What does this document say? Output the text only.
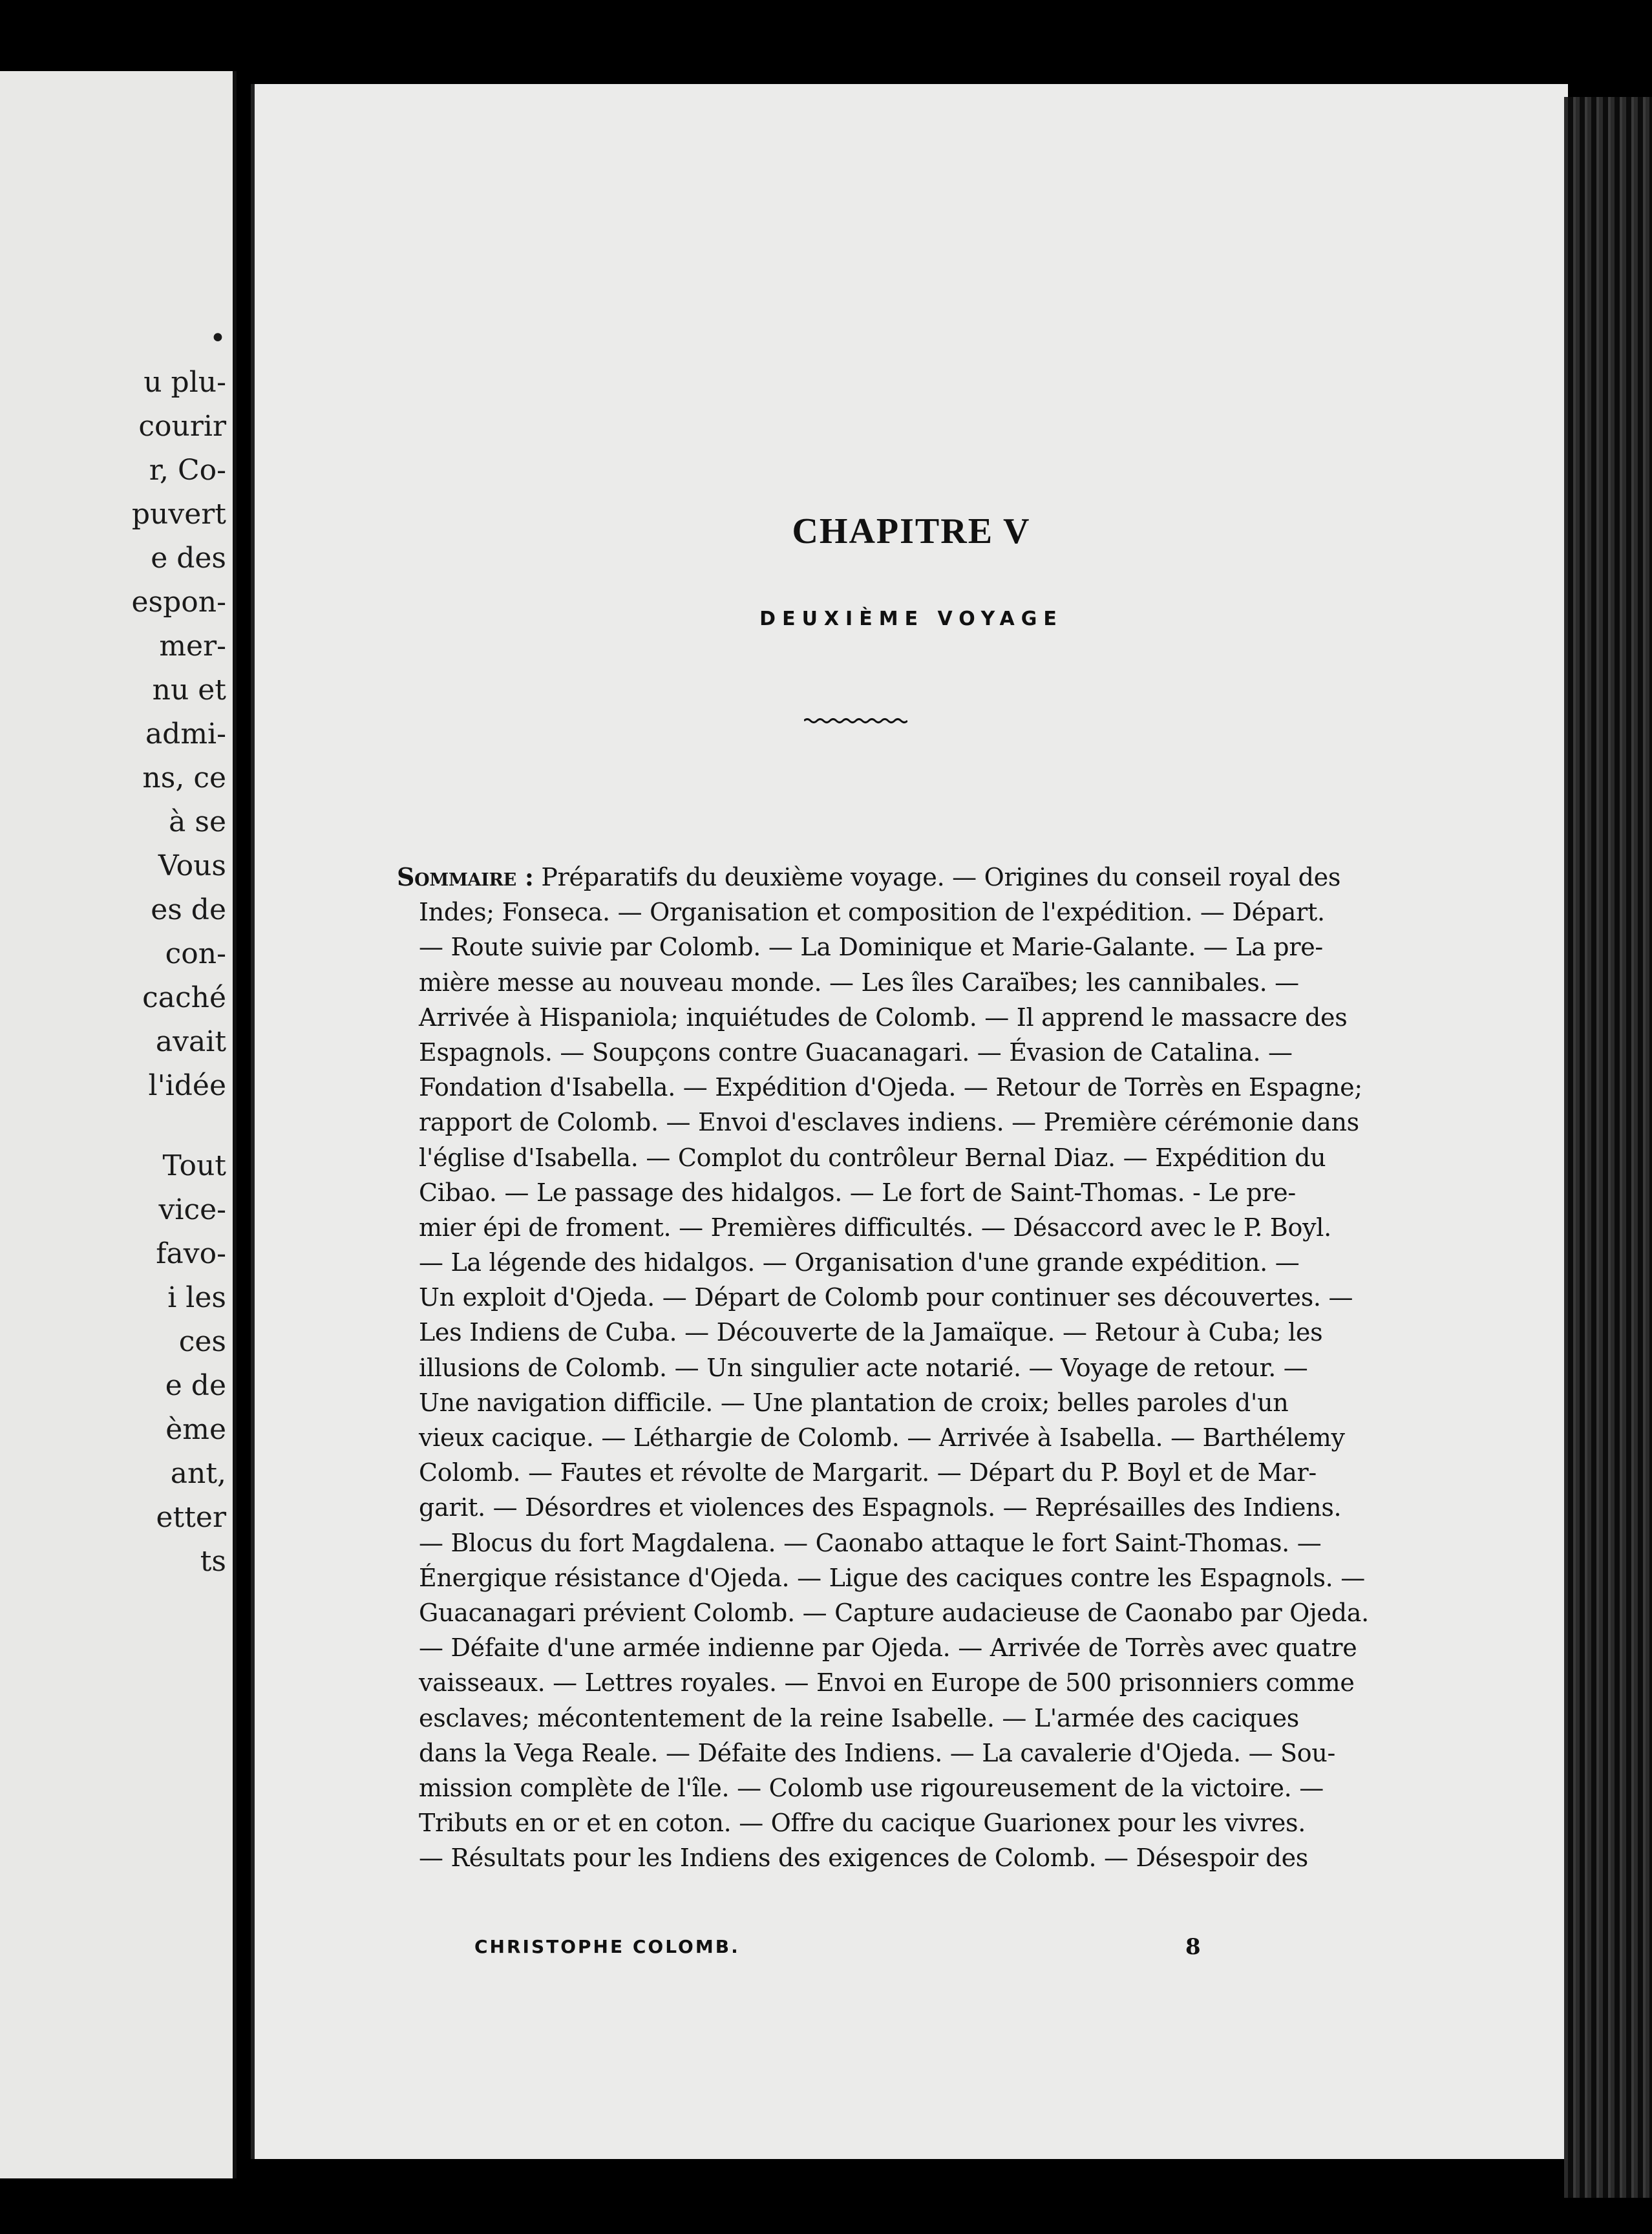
•
u plu-
courir
r, Co-
puvert
e des
espon-
mer-
nu et
admi-
ns, ce
à se
Vous
es de
con-
caché
avait
l'idée
Tout
vice-
favo-
i les
ces
e de
ème
ant,
etter
ts
CHAPITRE V
DEUXIÈME VOYAGE
Sommaire : Préparatifs du deuxième voyage. — Origines du conseil royal des
Indes; Fonseca. — Organisation et composition de l'expédition. — Départ.
— Route suivie par Colomb. — La Dominique et Marie-Galante. — La pre-
mière messe au nouveau monde. — Les îles Caraïbes; les cannibales. —
Arrivée à Hispaniola; inquiétudes de Colomb. — Il apprend le massacre des
Espagnols. — Soupçons contre Guacanagari. — Évasion de Catalina. —
Fondation d'Isabella. — Expédition d'Ojeda. — Retour de Torrès en Espagne;
rapport de Colomb. — Envoi d'esclaves indiens. — Première cérémonie dans
l'église d'Isabella. — Complot du contrôleur Bernal Diaz. — Expédition du
Cibao. — Le passage des hidalgos. — Le fort de Saint-Thomas. - Le pre-
mier épi de froment. — Premières difficultés. — Désaccord avec le P. Boyl.
— La légende des hidalgos. — Organisation d'une grande expédition. —
Un exploit d'Ojeda. — Départ de Colomb pour continuer ses découvertes. —
Les Indiens de Cuba. — Découverte de la Jamaïque. — Retour à Cuba; les
illusions de Colomb. — Un singulier acte notarié. — Voyage de retour. —
Une navigation difficile. — Une plantation de croix; belles paroles d'un
vieux cacique. — Léthargie de Colomb. — Arrivée à Isabella. — Barthélemy
Colomb. — Fautes et révolte de Margarit. — Départ du P. Boyl et de Mar-
garit. — Désordres et violences des Espagnols. — Représailles des Indiens.
— Blocus du fort Magdalena. — Caonabo attaque le fort Saint-Thomas. —
Énergique résistance d'Ojeda. — Ligue des caciques contre les Espagnols. —
Guacanagari prévient Colomb. — Capture audacieuse de Caonabo par Ojeda.
— Défaite d'une armée indienne par Ojeda. — Arrivée de Torrès avec quatre
vaisseaux. — Lettres royales. — Envoi en Europe de 500 prisonniers comme
esclaves; mécontentement de la reine Isabelle. — L'armée des caciques
dans la Vega Reale. — Défaite des Indiens. — La cavalerie d'Ojeda. — Sou-
mission complète de l'île. — Colomb use rigoureusement de la victoire. —
Tributs en or et en coton. — Offre du cacique Guarionex pour les vivres.
— Résultats pour les Indiens des exigences de Colomb. — Désespoir des
CHRISTOPHE COLOMB.	8
